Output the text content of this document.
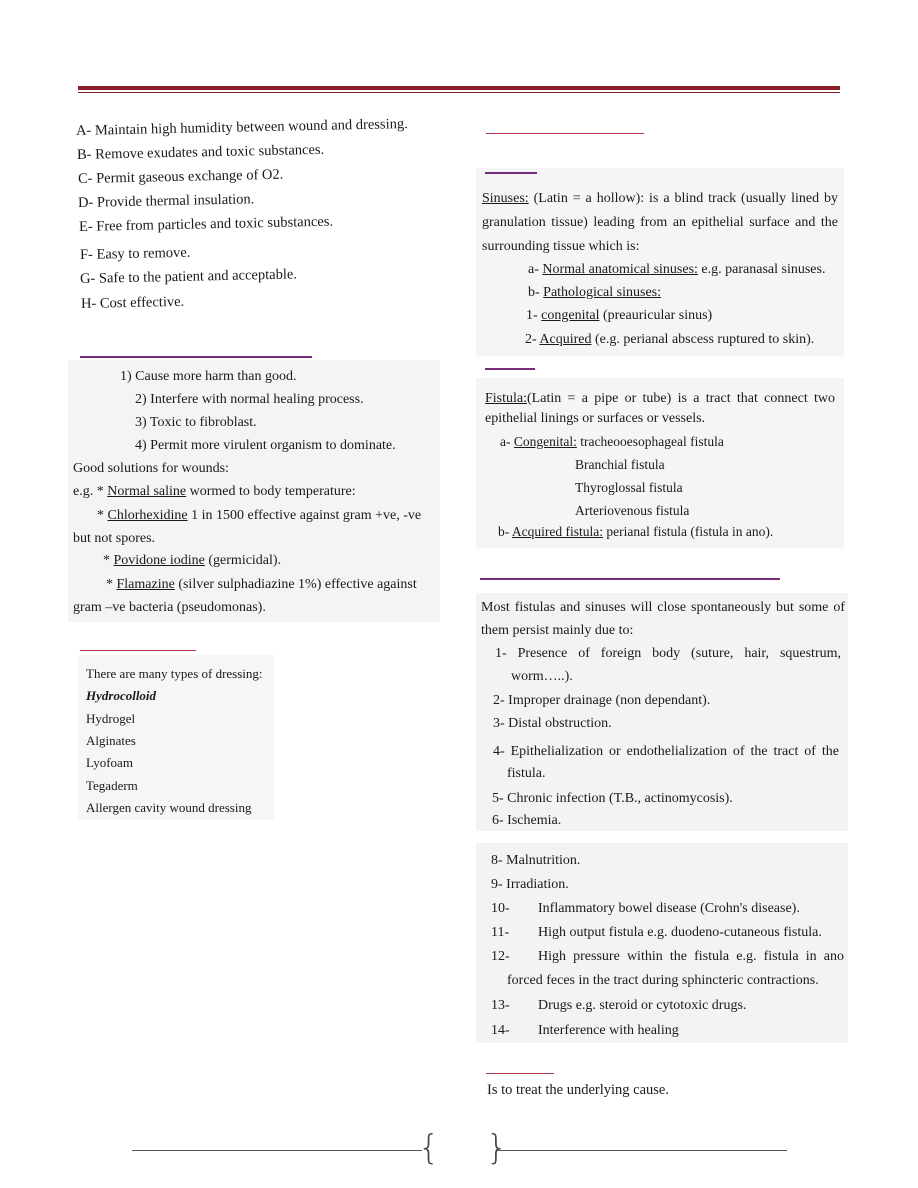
A- Maintain high humidity between wound and dressing.
B- Remove exudates and toxic substances.
C- Permit gaseous exchange of O2.
D- Provide thermal insulation.
E- Free from particles and toxic substances.
F- Easy to remove.
G- Safe to the patient and acceptable.
H- Cost effective.
1) Cause more harm than good.
2) Interfere with normal healing process.
3) Toxic to fibroblast.
4) Permit more virulent organism to dominate.
Good solutions for wounds:
e.g. * Normal saline wormed to body temperature:
* Chlorhexidine 1 in 1500 effective against gram +ve, -ve
but not spores.
* Povidone iodine (germicidal).
* Flamazine (silver sulphadiazine 1%) effective against
gram –ve bacteria (pseudomonas).
There are many types of dressing:
Hydrocolloid
Hydrogel
Alginates
Lyofoam
Tegaderm
Allergen cavity wound dressing
Sinuses: (Latin = a hollow): is a blind track (usually lined by
granulation tissue) leading from an epithelial surface and the
surrounding tissue which is:
a- Normal anatomical sinuses: e.g. paranasal sinuses.
b- Pathological sinuses:
1- congenital (preauricular sinus)
2- Acquired (e.g. perianal abscess ruptured to skin).
Fistula:(Latin = a pipe or tube) is a tract that connect two
epithelial linings or surfaces or vessels.
a- Congenital: tracheooesophageal fistula
Branchial fistula
Thyroglossal fistula
Arteriovenous fistula
b- Acquired fistula: perianal fistula (fistula in ano).
Most fistulas and sinuses will close spontaneously but some of
them persist mainly due to:
1- Presence of foreign body (suture, hair, squestrum,
worm…..).
2- Improper drainage (non dependant).
3- Distal obstruction.
4- Epithelialization or endothelialization of the tract of the
fistula.
5- Chronic infection (T.B., actinomycosis).
6- Ischemia.
8- Malnutrition.
9- Irradiation.
10- Inflammatory bowel disease (Crohn's disease).
11- High output fistula e.g. duodeno-cutaneous fistula.
12- High pressure within the fistula e.g. fistula in ano
forced feces in the tract during sphincteric contractions.
13- Drugs e.g. steroid or cytotoxic drugs.
14- Interference with healing
Is to treat the underlying cause.
{ }
